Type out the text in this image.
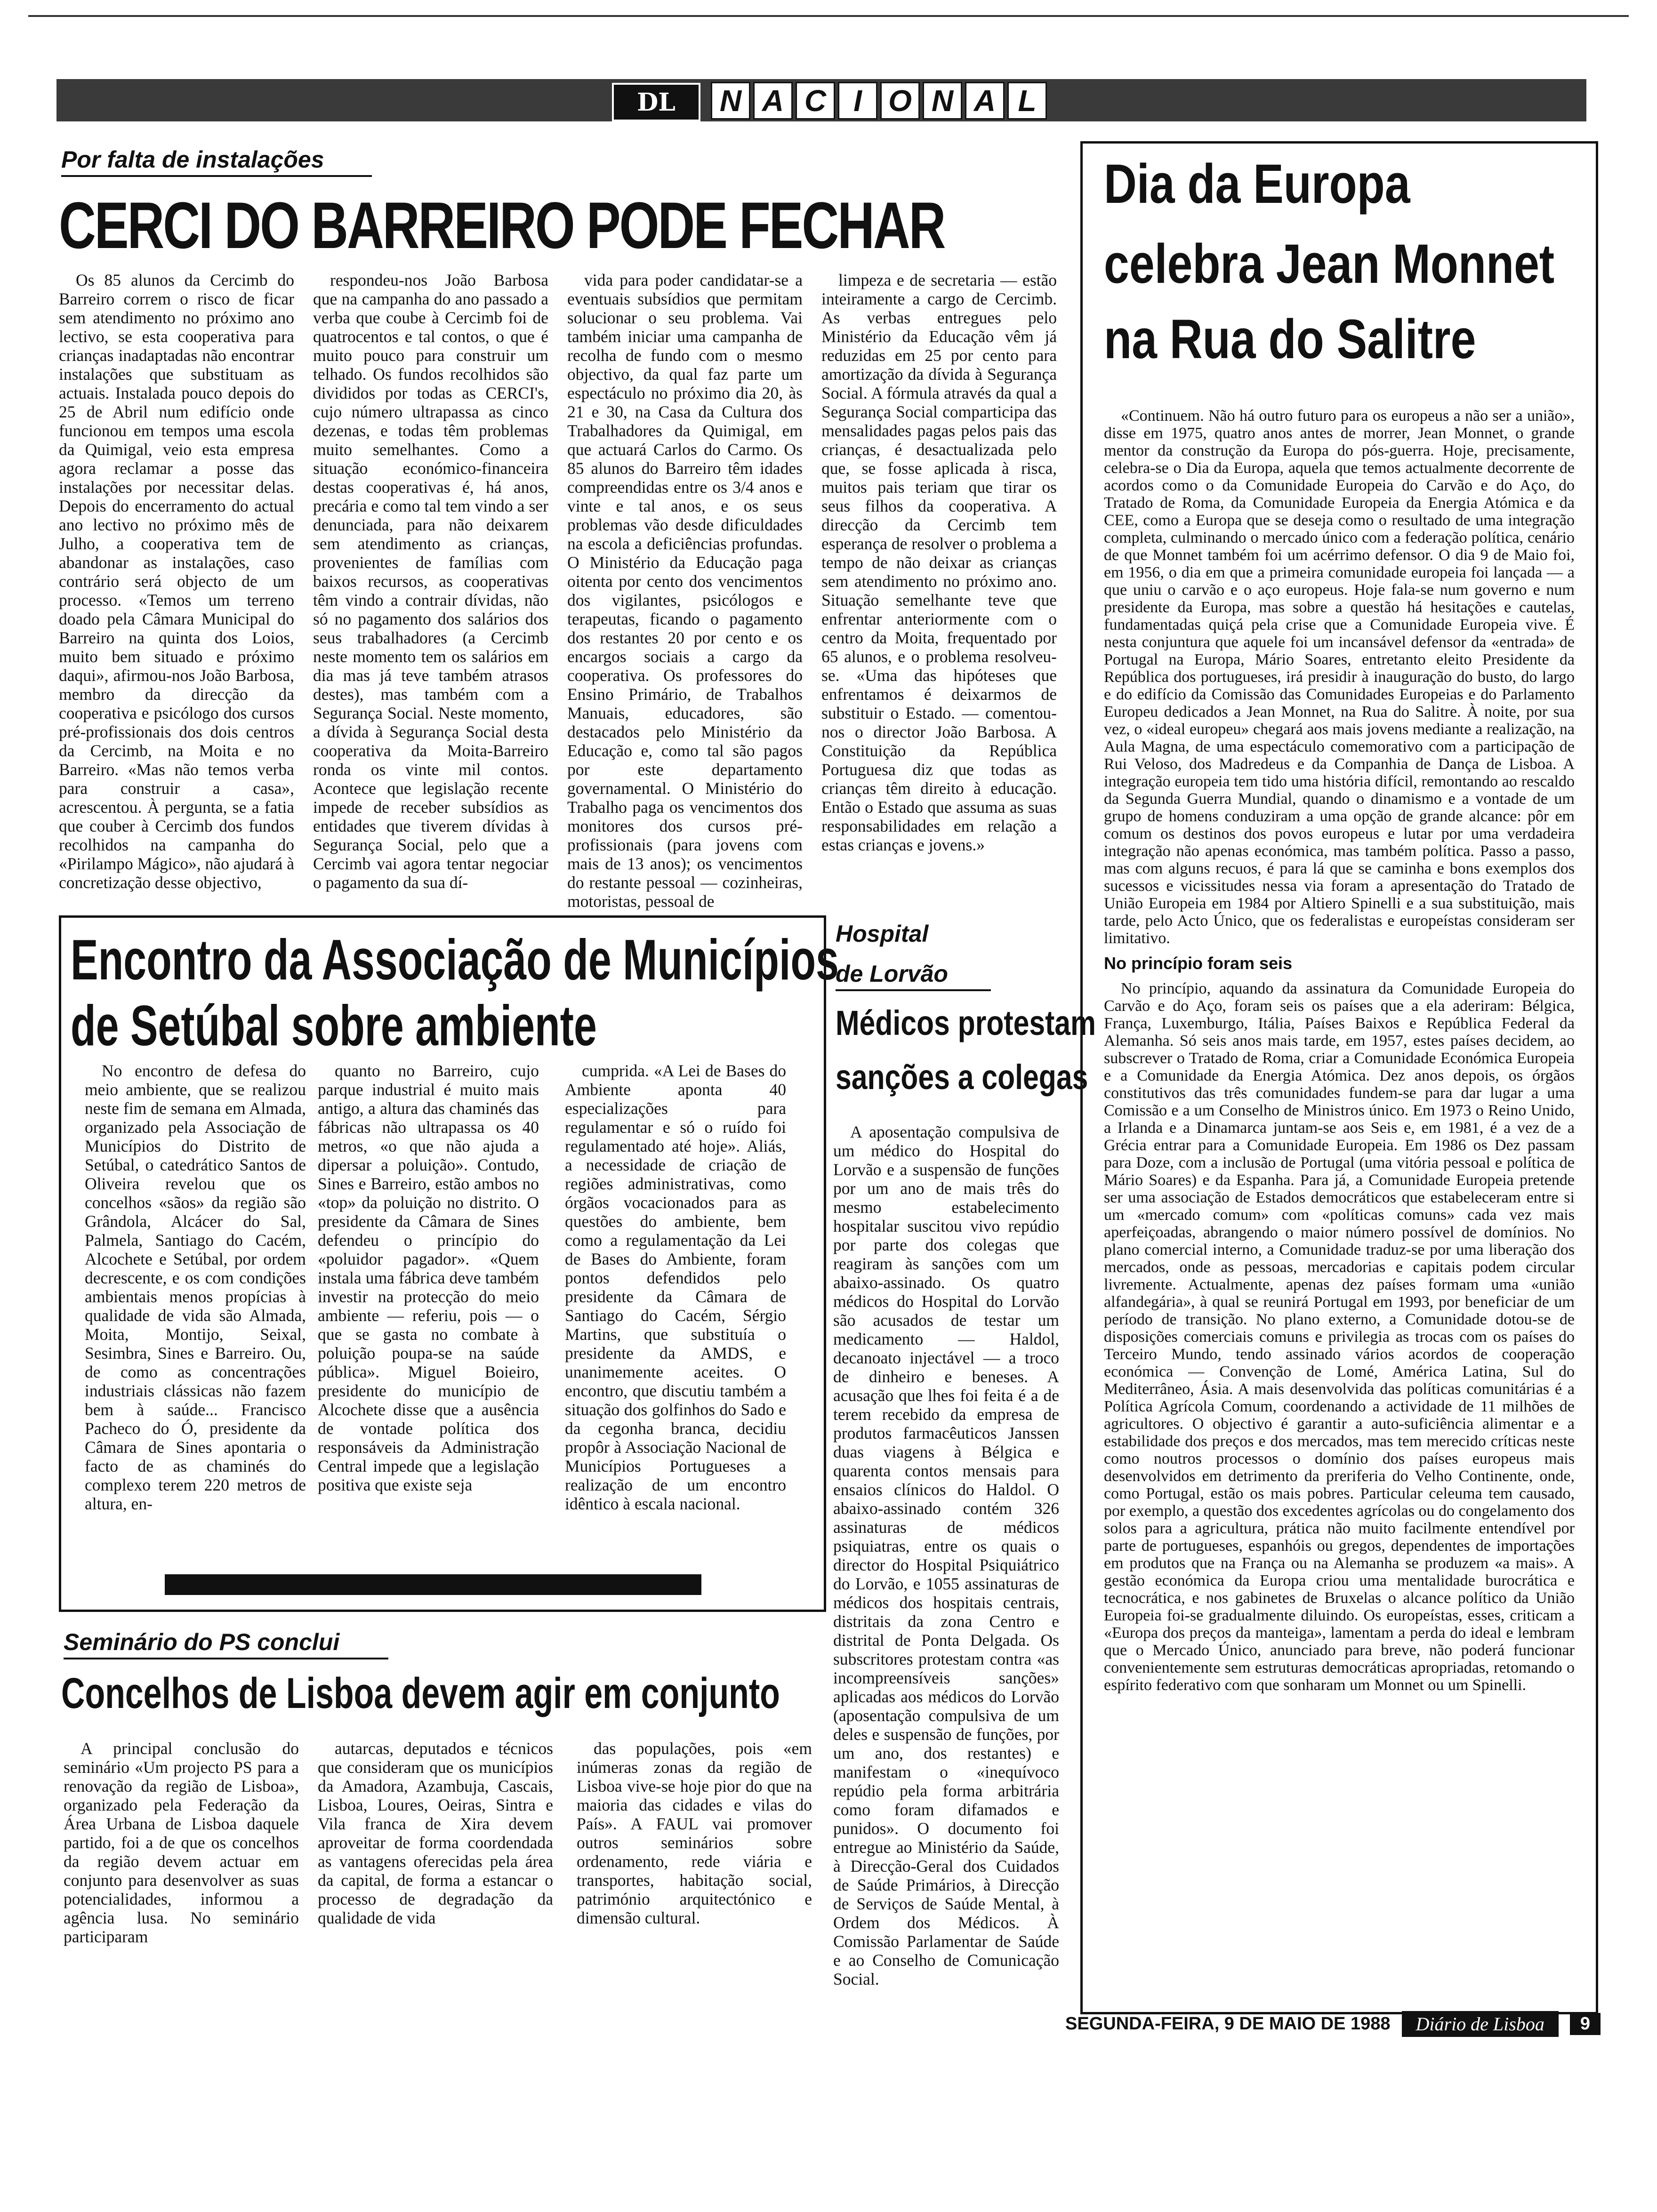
DL	N A C I O N A L
Por falta de instalações
CERCI DO BARREIRO PODE FECHAR

Os 85 alunos da Cercimb do Barreiro correm o risco de ficar sem atendimento no próximo ano lectivo, se esta cooperativa para crianças inadaptadas não encontrar instalações que substituam as actuais. Instalada pouco depois do 25 de Abril num edifício onde funcionou em tempos uma escola da Quimigal, veio esta empresa agora reclamar a posse das instalações por necessitar delas. Depois do encerramento do actual ano lectivo no próximo mês de Julho, a cooperativa tem de abandonar as instalações, caso contrário será objecto de um processo. «Temos um terreno doado pela Câmara Municipal do Barreiro na quinta dos Loios, muito bem situado e próximo daqui», afirmou-nos João Barbosa, membro da direcção da cooperativa e psicólogo dos cursos pré-profissionais dos dois centros da Cercimb, na Moita e no Barreiro. «Mas não temos verba para construir a casa», acrescentou. À pergunta, se a fatia que couber à Cercimb dos fundos recolhidos na campanha do «Pirilampo Mágico», não ajudará à concretização desse objectivo,

respondeu-nos João Barbosa que na campanha do ano passado a verba que coube à Cercimb foi de quatrocentos e tal contos, o que é muito pouco para construir um telhado. Os fundos recolhidos são divididos por todas as CERCI's, cujo número ultrapassa as cinco dezenas, e todas têm problemas muito semelhantes. Como a situação económico-financeira destas cooperativas é, há anos, precária e como tal tem vindo a ser denunciada, para não deixarem sem atendimento as crianças, provenientes de famílias com baixos recursos, as cooperativas têm vindo a contrair dívidas, não só no pagamento dos salários dos seus trabalhadores (a Cercimb neste momento tem os salários em dia mas já teve também atrasos destes), mas também com a Segurança Social. Neste momento, a dívida à Segurança Social desta cooperativa da Moita-Barreiro ronda os vinte mil contos. Acontece que legislação recente impede de receber subsídios as entidades que tiverem dívidas à Segurança Social, pelo que a Cercimb vai agora tentar negociar o pagamento da sua dí-

vida para poder candidatar-se a eventuais subsídios que permitam solucionar o seu problema. Vai também iniciar uma campanha de recolha de fundo com o mesmo objectivo, da qual faz parte um espectáculo no próximo dia 20, às 21 e 30, na Casa da Cultura dos Trabalhadores da Quimigal, em que actuará Carlos do Carmo. Os 85 alunos do Barreiro têm idades compreendidas entre os 3/4 anos e vinte e tal anos, e os seus problemas vão desde dificuldades na escola a deficiências profundas. O Ministério da Educação paga oitenta por cento dos vencimentos dos vigilantes, psicólogos e terapeutas, ficando o pagamento dos restantes 20 por cento e os encargos sociais a cargo da cooperativa. Os professores do Ensino Primário, de Trabalhos Manuais, educadores, são destacados pelo Ministério da Educação e, como tal são pagos por este departamento governamental. O Ministério do Trabalho paga os vencimentos dos monitores dos cursos pré-profissionais (para jovens com mais de 13 anos); os vencimentos do restante pessoal — cozinheiras, motoristas, pessoal de

limpeza e de secretaria — estão inteiramente a cargo de Cercimb. As verbas entregues pelo Ministério da Educação vêm já reduzidas em 25 por cento para amortização da dívida à Segurança Social. A fórmula através da qual a Segurança Social comparticipa das mensalidades pagas pelos pais das crianças, é desactualizada pelo que, se fosse aplicada à risca, muitos pais teriam que tirar os seus filhos da cooperativa. A direcção da Cercimb tem esperança de resolver o problema a tempo de não deixar as crianças sem atendimento no próximo ano. Situação semelhante teve que enfrentar anteriormente com o centro da Moita, frequentado por 65 alunos, e o problema resolveu-se. «Uma das hipóteses que enfrentamos é deixarmos de substituir o Estado. — comentou-nos o director João Barbosa. A Constituição da República Portuguesa diz que todas as crianças têm direito à educação. Então o Estado que assuma as suas responsabilidades em relação a estas crianças e jovens.»

Dia da Europa
celebra Jean Monnet
na Rua do Salitre

«Continuem. Não há outro futuro para os europeus a não ser a união», disse em 1975, quatro anos antes de morrer, Jean Monnet, o grande mentor da construção da Europa do pós-guerra. Hoje, precisamente, celebra-se o Dia da Europa, aquela que temos actualmente decorrente de acordos como o da Comunidade Europeia do Carvão e do Aço, do Tratado de Roma, da Comunidade Europeia da Energia Atómica e da CEE, como a Europa que se deseja como o resultado de uma integração completa, culminando o mercado único com a federação política, cenário de que Monnet também foi um acérrimo defensor. O dia 9 de Maio foi, em 1956, o dia em que a primeira comunidade europeia foi lançada — a que uniu o carvão e o aço europeus. Hoje fala-se num governo e num presidente da Europa, mas sobre a questão há hesitações e cautelas, fundamentadas quiçá pela crise que a Comunidade Europeia vive. É nesta conjuntura que aquele foi um incansável defensor da «entrada» de Portugal na Europa, Mário Soares, entretanto eleito Presidente da República dos portugueses, irá presidir à inauguração do busto, do largo e do edifício da Comissão das Comunidades Europeias e do Parlamento Europeu dedicados a Jean Monnet, na Rua do Salitre. À noite, por sua vez, o «ideal europeu» chegará aos mais jovens mediante a realização, na Aula Magna, de uma espectáculo comemorativo com a participação de Rui Veloso, dos Madredeus e da Companhia de Dança de Lisboa. A integração europeia tem tido uma história difícil, remontando ao rescaldo da Segunda Guerra Mundial, quando o dinamismo e a vontade de um grupo de homens conduziram a uma opção de grande alcance: pôr em comum os destinos dos povos europeus e lutar por uma verdadeira integração não apenas económica, mas também política. Passo a passo, mas com alguns recuos, é para lá que se caminha e bons exemplos dos sucessos e vicissitudes nessa via foram a apresentação do Tratado de União Europeia em 1984 por Altiero Spinelli e a sua substituição, mais tarde, pelo Acto Único, que os federalistas e europeístas consideram ser limitativo.

No princípio foram seis

No princípio, aquando da assinatura da Comunidade Europeia do Carvão e do Aço, foram seis os países que a ela aderiram: Bélgica, França, Luxemburgo, Itália, Países Baixos e República Federal da Alemanha. Só seis anos mais tarde, em 1957, estes países decidem, ao subscrever o Tratado de Roma, criar a Comunidade Económica Europeia e a Comunidade da Energia Atómica. Dez anos depois, os órgãos constitutivos das três comunidades fundem-se para dar lugar a uma Comissão e a um Conselho de Ministros único. Em 1973 o Reino Unido, a Irlanda e a Dinamarca juntam-se aos Seis e, em 1981, é a vez de a Grécia entrar para a Comunidade Europeia. Em 1986 os Dez passam para Doze, com a inclusão de Portugal (uma vitória pessoal e política de Mário Soares) e da Espanha. Para já, a Comunidade Europeia pretende ser uma associação de Estados democráticos que estabeleceram entre si um «mercado comum» com «políticas comuns» cada vez mais aperfeiçoadas, abrangendo o maior número possível de domínios. No plano comercial interno, a Comunidade traduz-se por uma liberação dos mercados, onde as pessoas, mercadorias e capitais podem circular livremente. Actualmente, apenas dez países formam uma «união alfandegária», à qual se reunirá Portugal em 1993, por beneficiar de um período de transição. No plano externo, a Comunidade dotou-se de disposições comerciais comuns e privilegia as trocas com os países do Terceiro Mundo, tendo assinado vários acordos de cooperação económica — Convenção de Lomé, América Latina, Sul do Mediterrâneo, Ásia. A mais desenvolvida das políticas comunitárias é a Política Agrícola Comum, coordenando a actividade de 11 milhões de agricultores. O objectivo é garantir a auto-suficiência alimentar e a estabilidade dos preços e dos mercados, mas tem merecido críticas neste como noutros processos o domínio dos países europeus mais desenvolvidos em detrimento da preriferia do Velho Continente, onde, como Portugal, estão os mais pobres. Particular celeuma tem causado, por exemplo, a questão dos excedentes agrícolas ou do congelamento dos solos para a agricultura, prática não muito facilmente entendível por parte de portugueses, espanhóis ou gregos, dependentes de importações em produtos que na França ou na Alemanha se produzem «a mais». A gestão económica da Europa criou uma mentalidade burocrática e tecnocrática, e nos gabinetes de Bruxelas o alcance político da União Europeia foi-se gradualmente diluindo. Os europeístas, esses, criticam a «Europa dos preços da manteiga», lamentam a perda do ideal e lembram que o Mercado Único, anunciado para breve, não poderá funcionar convenientemente sem estruturas democráticas apropriadas, retomando o espírito federativo com que sonharam um Monnet ou um Spinelli.

Encontro da Associação de Municípios
de Setúbal sobre ambiente

No encontro de defesa do meio ambiente, que se realizou neste fim de semana em Almada, organizado pela Associação de Municípios do Distrito de Setúbal, o catedrático Santos de Oliveira revelou que os concelhos «sãos» da região são Grândola, Alcácer do Sal, Palmela, Santiago do Cacém, Alcochete e Setúbal, por ordem decrescente, e os com condições ambientais menos propícias à qualidade de vida são Almada, Moita, Montijo, Seixal, Sesimbra, Sines e Barreiro. Ou, de como as concentrações industriais clássicas não fazem bem à saúde... Francisco Pacheco do Ó, presidente da Câmara de Sines apontaria o facto de as chaminés do complexo terem 220 metros de altura, en-

quanto no Barreiro, cujo parque industrial é muito mais antigo, a altura das chaminés das fábricas não ultrapassa os 40 metros, «o que não ajuda a dipersar a poluição». Contudo, Sines e Barreiro, estão ambos no «top» da poluição no distrito. O presidente da Câmara de Sines defendeu o princípio do «poluidor pagador». «Quem instala uma fábrica deve também investir na protecção do meio ambiente — referiu, pois — o que se gasta no combate à poluição poupa-se na saúde pública». Miguel Boieiro, presidente do município de Alcochete disse que a ausência de vontade política dos responsáveis da Administração Central impede que a legislação positiva que existe seja

cumprida. «A Lei de Bases do Ambiente aponta 40 especializações para regulamentar e só o ruído foi regulamentado até hoje». Aliás, a necessidade de criação de regiões administrativas, como órgãos vocacionados para as questões do ambiente, bem como a regulamentação da Lei de Bases do Ambiente, foram pontos defendidos pelo presidente da Câmara de Santiago do Cacém, Sérgio Martins, que substituía o presidente da AMDS, e unanimemente aceites. O encontro, que discutiu também a situação dos golfinhos do Sado e da cegonha branca, decidiu propôr à Associação Nacional de Municípios Portugueses a realização de um encontro idêntico à escala nacional.

Hospital
de Lorvão
Médicos protestam
sanções a colegas

A aposentação compulsiva de um médico do Hospital do Lorvão e a suspensão de funções por um ano de mais três do mesmo estabelecimento hospitalar suscitou vivo repúdio por parte dos colegas que reagiram às sanções com um abaixo-assinado. Os quatro médicos do Hospital do Lorvão são acusados de testar um medicamento — Haldol, decanoato injectável — a troco de dinheiro e beneses. A acusação que lhes foi feita é a de terem recebido da empresa de produtos farmacêuticos Janssen duas viagens à Bélgica e quarenta contos mensais para ensaios clínicos do Haldol. O abaixo-assinado contém 326 assinaturas de médicos psiquiatras, entre os quais o director do Hospital Psiquiátrico do Lorvão, e 1055 assinaturas de médicos dos hospitais centrais, distritais da zona Centro e distrital de Ponta Delgada. Os subscritores protestam contra «as incompreensíveis sanções» aplicadas aos médicos do Lorvão (aposentação compulsiva de um deles e suspensão de funções, por um ano, dos restantes) e manifestam o «inequívoco repúdio pela forma arbitrária como foram difamados e punidos». O documento foi entregue ao Ministério da Saúde, à Direcção-Geral dos Cuidados de Saúde Primários, à Direcção de Serviços de Saúde Mental, à Ordem dos Médicos. À Comissão Parlamentar de Saúde e ao Conselho de Comunicação Social.

Seminário do PS conclui
Concelhos de Lisboa devem agir em conjunto

A principal conclusão do seminário «Um projecto PS para a renovação da região de Lisboa», organizado pela Federação da Área Urbana de Lisboa daquele partido, foi a de que os concelhos da região devem actuar em conjunto para desenvolver as suas potencialidades, informou a agência lusa. No seminário participaram

autarcas, deputados e técnicos que consideram que os municípios da Amadora, Azambuja, Cascais, Lisboa, Loures, Oeiras, Sintra e Vila franca de Xira devem aproveitar de forma coordendada as vantagens oferecidas pela área da capital, de forma a estancar o processo de degradação da qualidade de vida

das populações, pois «em inúmeras zonas da região de Lisboa vive-se hoje pior do que na maioria das cidades e vilas do País». A FAUL vai promover outros seminários sobre ordenamento, rede viária e transportes, habitação social, património arquitectónico e dimensão cultural.

SEGUNDA-FEIRA, 9 DE MAIO DE 1988	Diário de Lisboa	9
